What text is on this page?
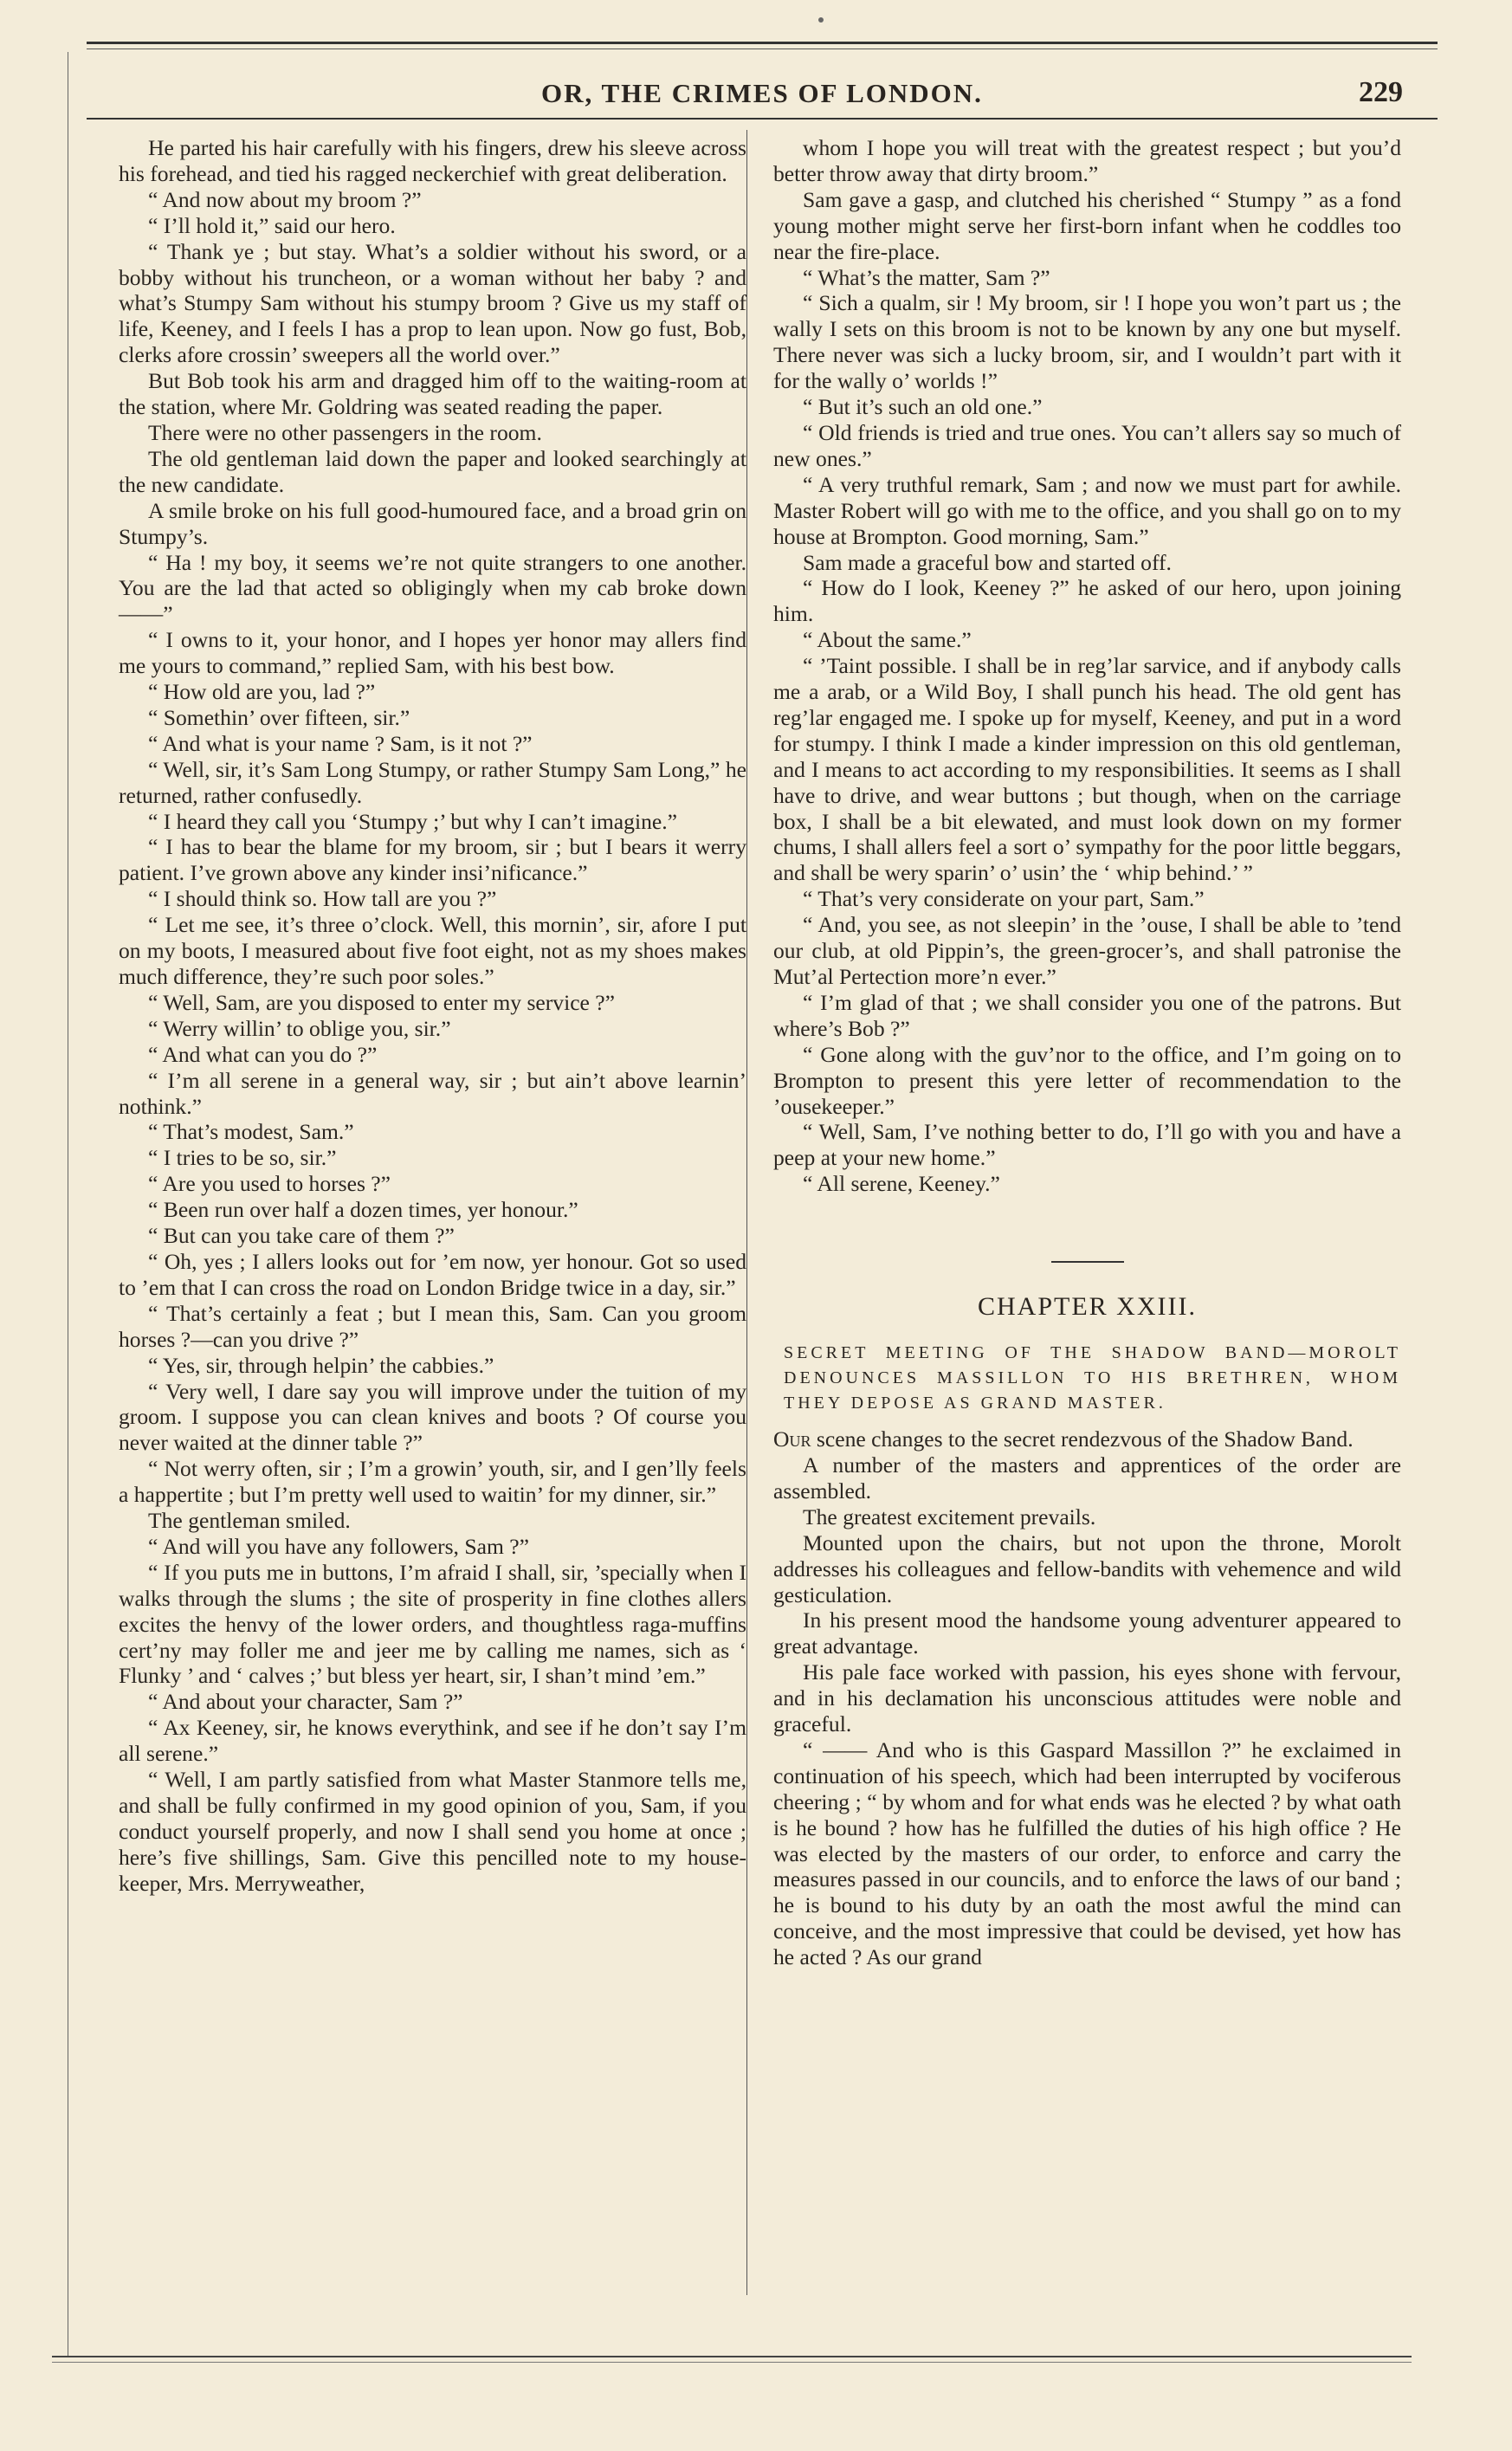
OR, THE CRIMES OF LONDON.	229

He parted his hair carefully with his fingers, drew his sleeve across his forehead, and tied his ragged neckerchief with great deliberation.

“ And now about my broom ?”

“ I’ll hold it,” said our hero.

“ Thank ye ; but stay. What’s a soldier without his sword, or a bobby without his truncheon, or a woman without her baby ? and what’s Stumpy Sam without his stumpy broom ? Give us my staff of life, Keeney, and I feels I has a prop to lean upon. Now go fust, Bob, clerks afore crossin’ sweepers all the world over.”

But Bob took his arm and dragged him off to the waiting-room at the station, where Mr. Goldring was seated reading the paper.

There were no other passengers in the room.

The old gentleman laid down the paper and looked searchingly at the new candidate.

A smile broke on his full good-humoured face, and a broad grin on Stumpy’s.

“ Ha ! my boy, it seems we’re not quite strangers to one another. You are the lad that acted so obligingly when my cab broke down——”

“ I owns to it, your honor, and I hopes yer honor may allers find me yours to command,” replied Sam, with his best bow.

“ How old are you, lad ?”

“ Somethin’ over fifteen, sir.”

“ And what is your name ? Sam, is it not ?”

“ Well, sir, it’s Sam Long Stumpy, or rather Stumpy Sam Long,” he returned, rather confusedly.

“ I heard they call you ‘Stumpy ;’ but why I can’t imagine.”

“ I has to bear the blame for my broom, sir ; but I bears it werry patient. I’ve grown above any kinder insi’nificance.”

“ I should think so. How tall are you ?”

“ Let me see, it’s three o’clock. Well, this mornin’, sir, afore I put on my boots, I measured about five foot eight, not as my shoes makes much difference, they’re such poor soles.”

“ Well, Sam, are you disposed to enter my service ?”

“ Werry willin’ to oblige you, sir.”

“ And what can you do ?”

“ I’m all serene in a general way, sir ; but ain’t above learnin’ nothink.”

“ That’s modest, Sam.”

“ I tries to be so, sir.”

“ Are you used to horses ?”

“ Been run over half a dozen times, yer honour.”

“ But can you take care of them ?”

“ Oh, yes ; I allers looks out for ’em now, yer honour. Got so used to ’em that I can cross the road on London Bridge twice in a day, sir.”

“ That’s certainly a feat ; but I mean this, Sam. Can you groom horses ?—can you drive ?”

“ Yes, sir, through helpin’ the cabbies.”

“ Very well, I dare say you will improve under the tuition of my groom. I suppose you can clean knives and boots ? Of course you never waited at the dinner table ?”

“ Not werry often, sir ; I’m a growin’ youth, sir, and I gen’lly feels a happertite ; but I’m pretty well used to waitin’ for my dinner, sir.”

The gentleman smiled.

“ And will you have any followers, Sam ?”

“ If you puts me in buttons, I’m afraid I shall, sir, ’specially when I walks through the slums ; the site of prosperity in fine clothes allers excites the henvy of the lower orders, and thoughtless raga-muffins cert’ny may foller me and jeer me by calling me names, sich as ‘ Flunky ’ and ‘ calves ;’ but bless yer heart, sir, I shan’t mind ’em.”

“ And about your character, Sam ?”

“ Ax Keeney, sir, he knows everythink, and see if he don’t say I’m all serene.”

“ Well, I am partly satisfied from what Master Stanmore tells me, and shall be fully confirmed in my good opinion of you, Sam, if you conduct yourself properly, and now I shall send you home at once ; here’s five shillings, Sam. Give this pencilled note to my house-keeper, Mrs. Merryweather,

whom I hope you will treat with the greatest respect ; but you’d better throw away that dirty broom.”

Sam gave a gasp, and clutched his cherished “ Stumpy ” as a fond young mother might serve her first-born infant when he coddles too near the fire-place.

“ What’s the matter, Sam ?”

“ Sich a qualm, sir ! My broom, sir ! I hope you won’t part us ; the wally I sets on this broom is not to be known by any one but myself. There never was sich a lucky broom, sir, and I wouldn’t part with it for the wally o’ worlds !”

“ But it’s such an old one.”

“ Old friends is tried and true ones. You can’t allers say so much of new ones.”

“ A very truthful remark, Sam ; and now we must part for awhile. Master Robert will go with me to the office, and you shall go on to my house at Brompton. Good morning, Sam.”

Sam made a graceful bow and started off.

“ How do I look, Keeney ?” he asked of our hero, upon joining him.

“ About the same.”

“ ’Taint possible. I shall be in reg’lar sarvice, and if anybody calls me a arab, or a Wild Boy, I shall punch his head. The old gent has reg’lar engaged me. I spoke up for myself, Keeney, and put in a word for stumpy. I think I made a kinder impression on this old gentleman, and I means to act according to my responsibilities. It seems as I shall have to drive, and wear buttons ; but though, when on the carriage box, I shall be a bit elewated, and must look down on my former chums, I shall allers feel a sort o’ sympathy for the poor little beggars, and shall be wery sparin’ o’ usin’ the ‘ whip behind.’ ”

“ That’s very considerate on your part, Sam.”

“ And, you see, as not sleepin’ in the ’ouse, I shall be able to ’tend our club, at old Pippin’s, the green-grocer’s, and shall patronise the Mut’al Pertection more’n ever.”

“ I’m glad of that ; we shall consider you one of the patrons. But where’s Bob ?”

“ Gone along with the guv’nor to the office, and I’m going on to Brompton to present this yere letter of recommendation to the ’ousekeeper.”

“ Well, Sam, I’ve nothing better to do, I’ll go with you and have a peep at your new home.”

“ All serene, Keeney.”

CHAPTER XXIII.
SECRET MEETING OF THE SHADOW BAND—MOROLT DENOUNCES MASSILLON TO HIS BRETHREN, WHOM THEY DEPOSE AS GRAND MASTER.

Our scene changes to the secret rendezvous of the Shadow Band.

A number of the masters and apprentices of the order are assembled.

The greatest excitement prevails.

Mounted upon the chairs, but not upon the throne, Morolt addresses his colleagues and fellow-bandits with vehemence and wild gesticulation.

In his present mood the handsome young adventurer appeared to great advantage.

His pale face worked with passion, his eyes shone with fervour, and in his declamation his unconscious attitudes were noble and graceful.

“ —— And who is this Gaspard Massillon ?” he exclaimed in continuation of his speech, which had been interrupted by vociferous cheering ; “ by whom and for what ends was he elected ? by what oath is he bound ? how has he fulfilled the duties of his high office ? He was elected by the masters of our order, to enforce and carry the measures passed in our councils, and to enforce the laws of our band ; he is bound to his duty by an oath the most awful the mind can conceive, and the most impressive that could be devised, yet how has he acted ? As our grand
